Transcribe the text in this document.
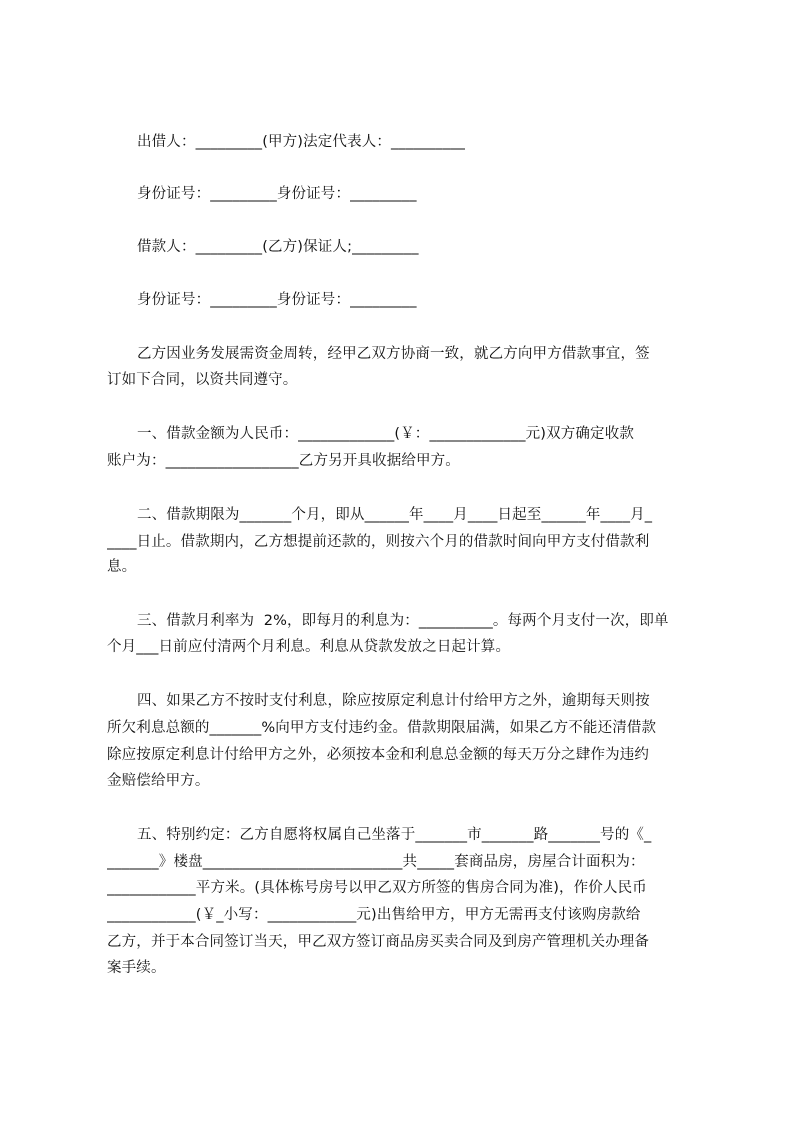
出借人：_________(甲方)法定代表人：__________
身份证号：_________身份证号：_________
借款人：_________(乙方)保证人;_________
身份证号：_________身份证号：_________
乙方因业务发展需资金周转，经甲乙双方协商一致，就乙方向甲方借款事宜，签
订如下合同，以资共同遵守。
一、借款金额为人民币：_____________(￥：_____________元)双方确定收款
账户为：__________________乙方另开具收据给甲方。
二、借款期限为_______个月，即从______年____月____日起至______年____月_
____日止。借款期内，乙方想提前还款的，则按六个月的借款时间向甲方支付借款利
息。
三、借款月利率为  2%，即每月的利息为：__________。每两个月支付一次，即单
个月___日前应付清两个月利息。利息从贷款发放之日起计算。
四、如果乙方不按时支付利息，除应按原定利息计付给甲方之外，逾期每天则按
所欠利息总额的_______%向甲方支付违约金。借款期限届满，如果乙方不能还清借款
除应按原定利息计付给甲方之外，必须按本金和利息总金额的每天万分之肆作为违约
金赔偿给甲方。
五、特别约定：乙方自愿将权属自己坐落于_______市_______路_______号的《_
_______》楼盘___________________________共_____套商品房，房屋合计面积为：
____________平方米。(具体栋号房号以甲乙双方所签的售房合同为准)，作价人民币
____________(￥_小写：____________元)出售给甲方，甲方无需再支付该购房款给
乙方，并于本合同签订当天，甲乙双方签订商品房买卖合同及到房产管理机关办理备
案手续。
